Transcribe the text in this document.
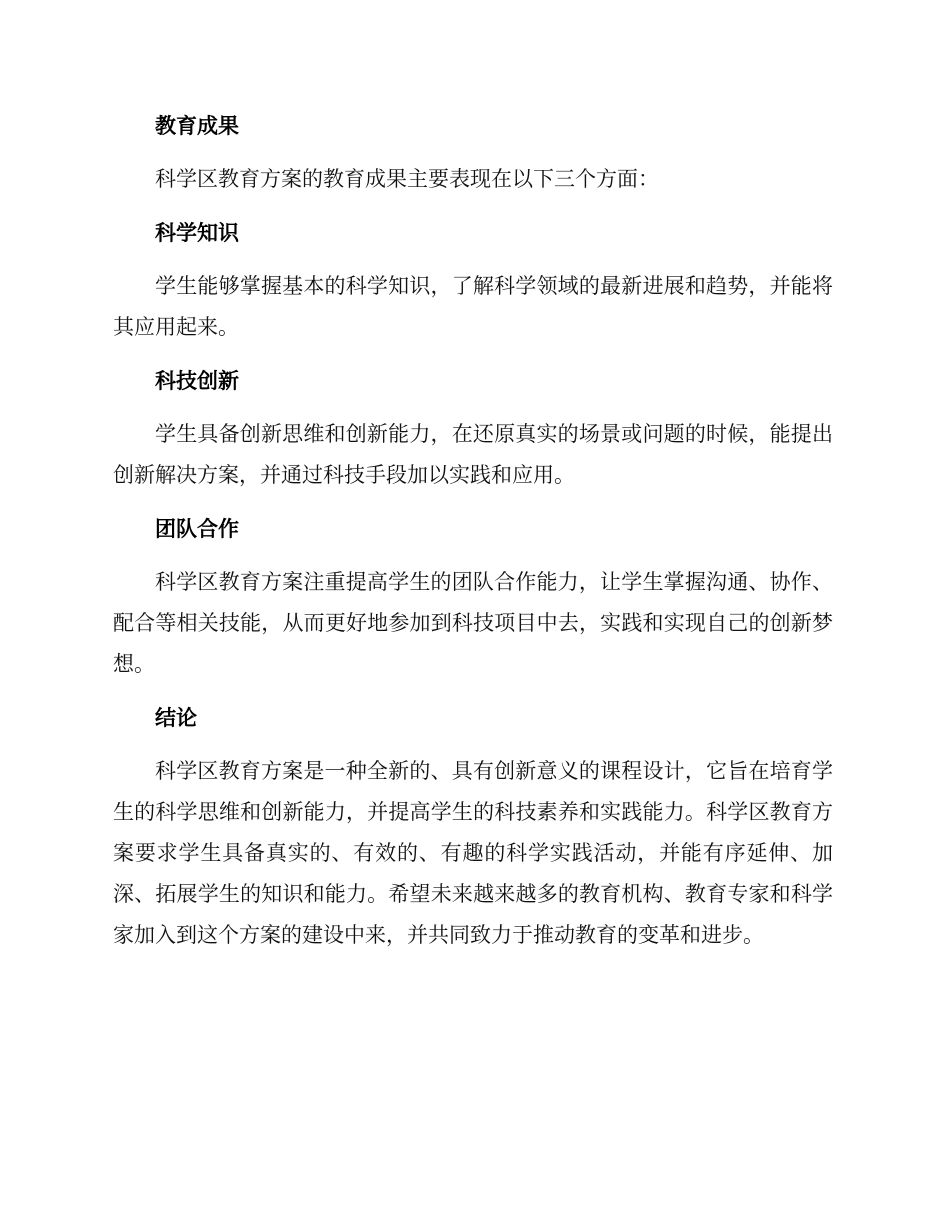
教育成果

科学区教育方案的教育成果主要表现在以下三个方面：

科学知识

学生能够掌握基本的科学知识，了解科学领域的最新进展和趋势，并能将其应用起来。

科技创新

学生具备创新思维和创新能力，在还原真实的场景或问题的时候，能提出创新解决方案，并通过科技手段加以实践和应用。

团队合作

科学区教育方案注重提高学生的团队合作能力，让学生掌握沟通、协作、配合等相关技能，从而更好地参加到科技项目中去，实践和实现自己的创新梦想。

结论

科学区教育方案是一种全新的、具有创新意义的课程设计，它旨在培育学生的科学思维和创新能力，并提高学生的科技素养和实践能力。科学区教育方案要求学生具备真实的、有效的、有趣的科学实践活动，并能有序延伸、加深、拓展学生的知识和能力。希望未来越来越多的教育机构、教育专家和科学家加入到这个方案的建设中来，并共同致力于推动教育的变革和进步。
